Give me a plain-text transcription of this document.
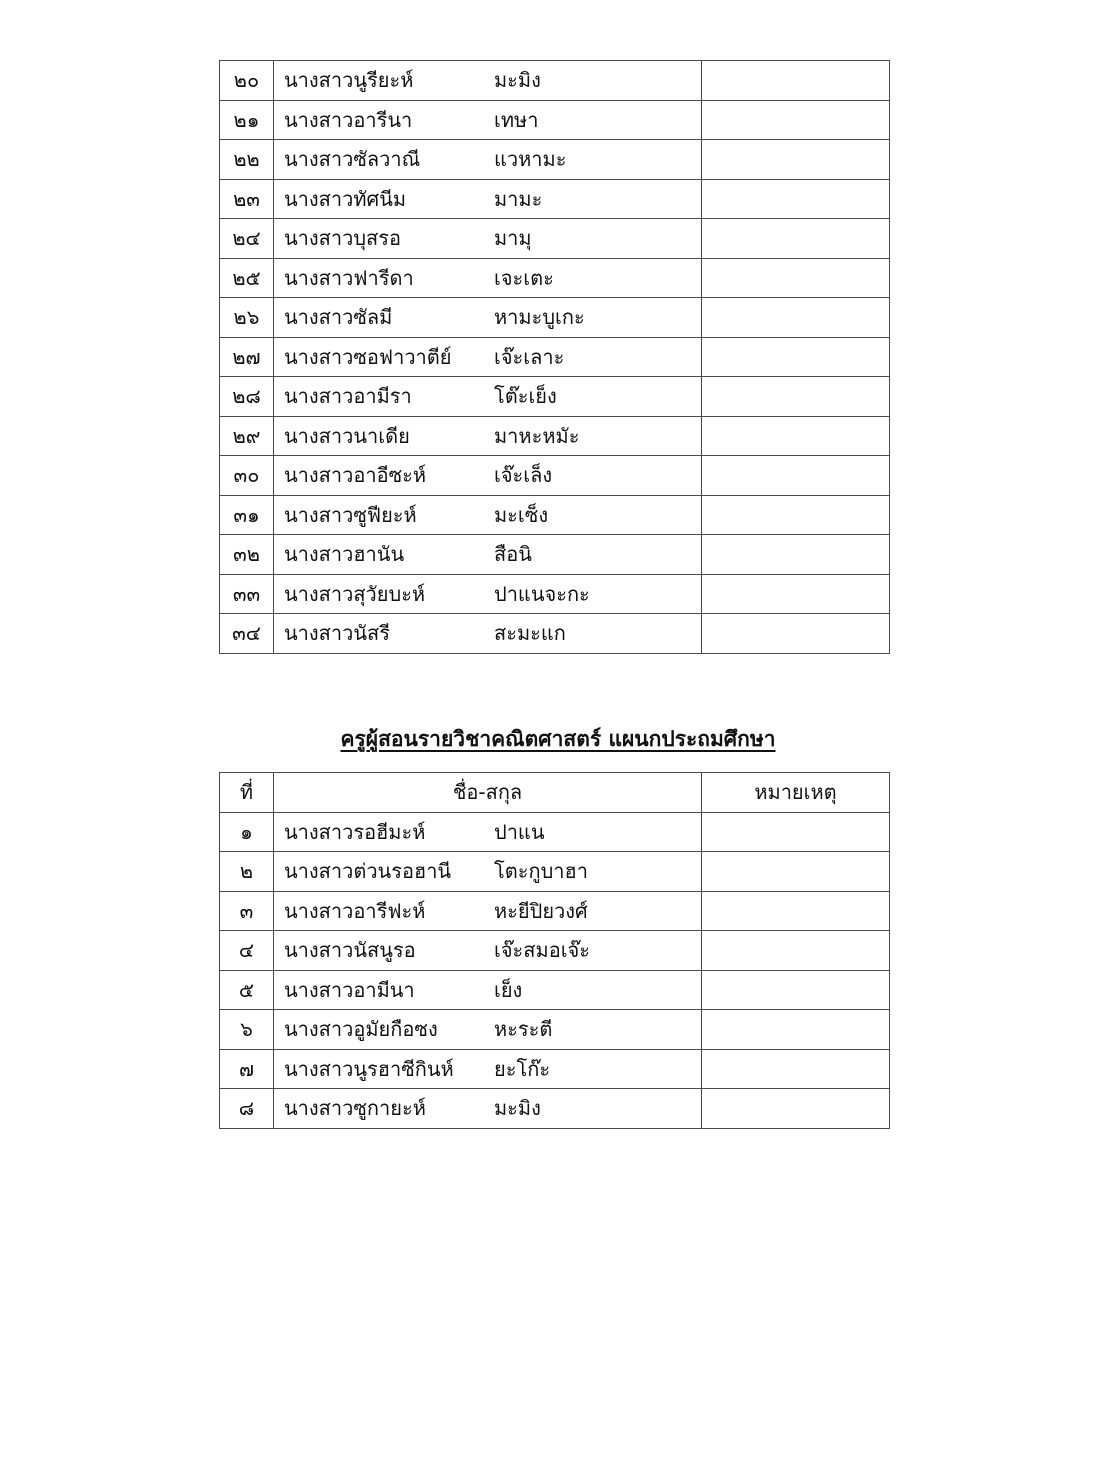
๒๐	นางสาวนูรียะห์ มะมิง	

๒๑	นางสาวอารีนา เทษา	

๒๒	นางสาวซัลวาณี แวหามะ	

๒๓	นางสาวทัศนีม มามะ	

๒๔	นางสาวบุสรอ มามุ	

๒๕	นางสาวฟารีดา เจะเตะ	

๒๖	นางสาวซัลมี หามะบูเกะ	

๒๗	นางสาวซอฟาวาตีย์ เจ๊ะเลาะ	

๒๘	นางสาวอามีรา โต๊ะเย็ง	

๒๙	นางสาวนาเดีย มาหะหมัะ	

๓๐	นางสาวอาอีซะห์ เจ๊ะเล็ง	

๓๑	นางสาวซูฟียะห์ มะเซ็ง	

๓๒	นางสาวฮานัน สือนิ	

๓๓	นางสาวสุวัยบะห์ ปาแนจะกะ	

๓๔	นางสาวนัสรี สะมะแก	

ครูผู้สอนรายวิชาคณิตศาสตร์ แผนกประถมศึกษา
ที่	ชื่อ-สกุล	หมายเหตุ
๑	นางสาวรอฮีมะห์ ปาแน	

๒	นางสาวต่วนรอฮานี โตะกูบาฮา	

๓	นางสาวอารีฟะห์ หะยีปิยวงศ์	

๔	นางสาวนัสนูรอ เจ๊ะสมอเจ๊ะ	

๕	นางสาวอามีนา เย็ง	

๖	นางสาวอูมัยกือซง หะระตี	

๗	นางสาวนูรฮาซีกินห์ ยะโก๊ะ	

๘	นางสาวซูกายะห์ มะมิง	
